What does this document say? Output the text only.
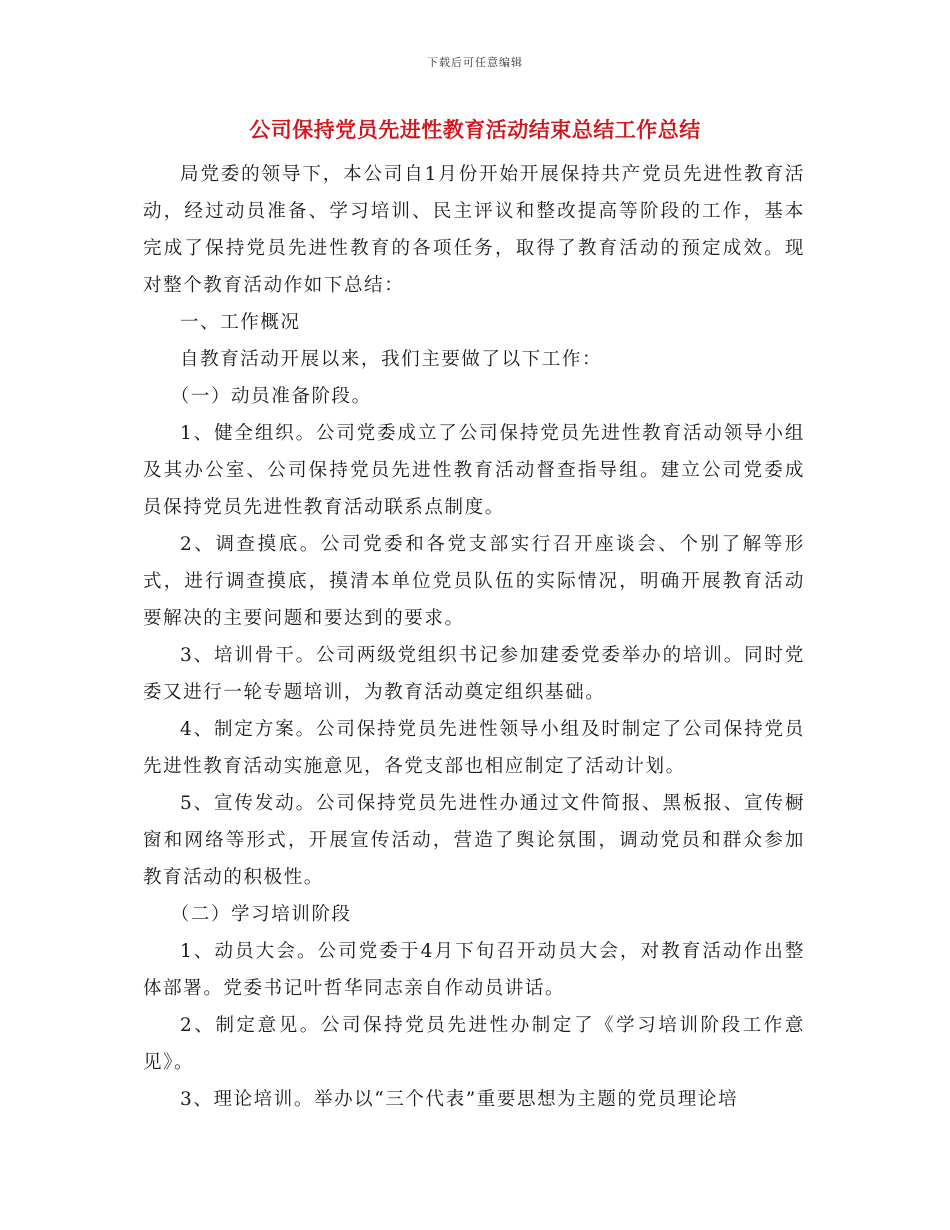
下载后可任意编辑
公司保持党员先进性教育活动结束总结工作总结

局党委的领导下，本公司自1月份开始开展保持共产党员先进性教育活动，经过动员准备、学习培训、民主评议和整改提高等阶段的工作，基本完成了保持党员先进性教育的各项任务，取得了教育活动的预定成效。现对整个教育活动作如下总结：

一、工作概况

自教育活动开展以来，我们主要做了以下工作：

（一）动员准备阶段。

1、健全组织。公司党委成立了公司保持党员先进性教育活动领导小组及其办公室、公司保持党员先进性教育活动督查指导组。建立公司党委成员保持党员先进性教育活动联系点制度。

2、调查摸底。公司党委和各党支部实行召开座谈会、个别了解等形式，进行调查摸底，摸清本单位党员队伍的实际情况，明确开展教育活动要解决的主要问题和要达到的要求。

3、培训骨干。公司两级党组织书记参加建委党委举办的培训。同时党委又进行一轮专题培训，为教育活动奠定组织基础。

4、制定方案。公司保持党员先进性领导小组及时制定了公司保持党员先进性教育活动实施意见，各党支部也相应制定了活动计划。

5、宣传发动。公司保持党员先进性办通过文件简报、黑板报、宣传橱窗和网络等形式，开展宣传活动，营造了舆论氛围，调动党员和群众参加教育活动的积极性。

（二）学习培训阶段

1、动员大会。公司党委于4月下旬召开动员大会，对教育活动作出整体部署。党委书记叶哲华同志亲自作动员讲话。

2、制定意见。公司保持党员先进性办制定了《学习培训阶段工作意见》。

3、理论培训。举办以“三个代表”重要思想为主题的党员理论培
